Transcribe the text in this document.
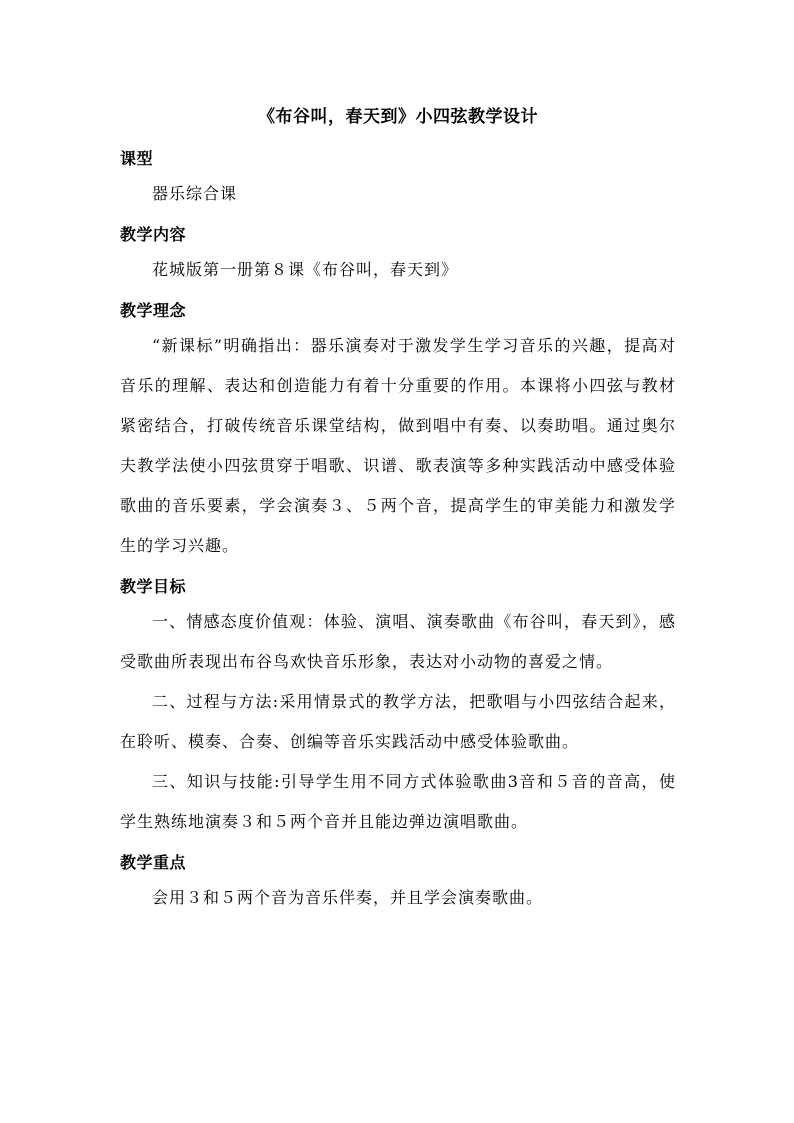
《布谷叫，春天到》小四弦教学设计
课型

器乐综合课

教学内容

花城版第一册第８课《布谷叫，春天到》

教学理念

“新课标”明确指出：器乐演奏对于激发学生学习音乐的兴趣，提高对音乐的理解、表达和创造能力有着十分重要的作用。本课将小四弦与教材紧密结合，打破传统音乐课堂结构，做到唱中有奏、以奏助唱。通过奥尔夫教学法使小四弦贯穿于唱歌、识谱、歌表演等多种实践活动中感受体验歌曲的音乐要素，学会演奏３、５两个音，提高学生的审美能力和激发学生的学习兴趣。

教学目标

一、情感态度价值观：体验、演唱、演奏歌曲《布谷叫，春天到》，感受歌曲所表现出布谷鸟欢快音乐形象，表达对小动物的喜爱之情。

二、过程与方法:采用情景式的教学方法，把歌唱与小四弦结合起来，在聆听、模奏、合奏、创编等音乐实践活动中感受体验歌曲。

三、知识与技能:引导学生用不同方式体验歌曲3音和５音的音高，使学生熟练地演奏３和５两个音并且能边弹边演唱歌曲。

教学重点

会用３和５两个音为音乐伴奏，并且学会演奏歌曲。
